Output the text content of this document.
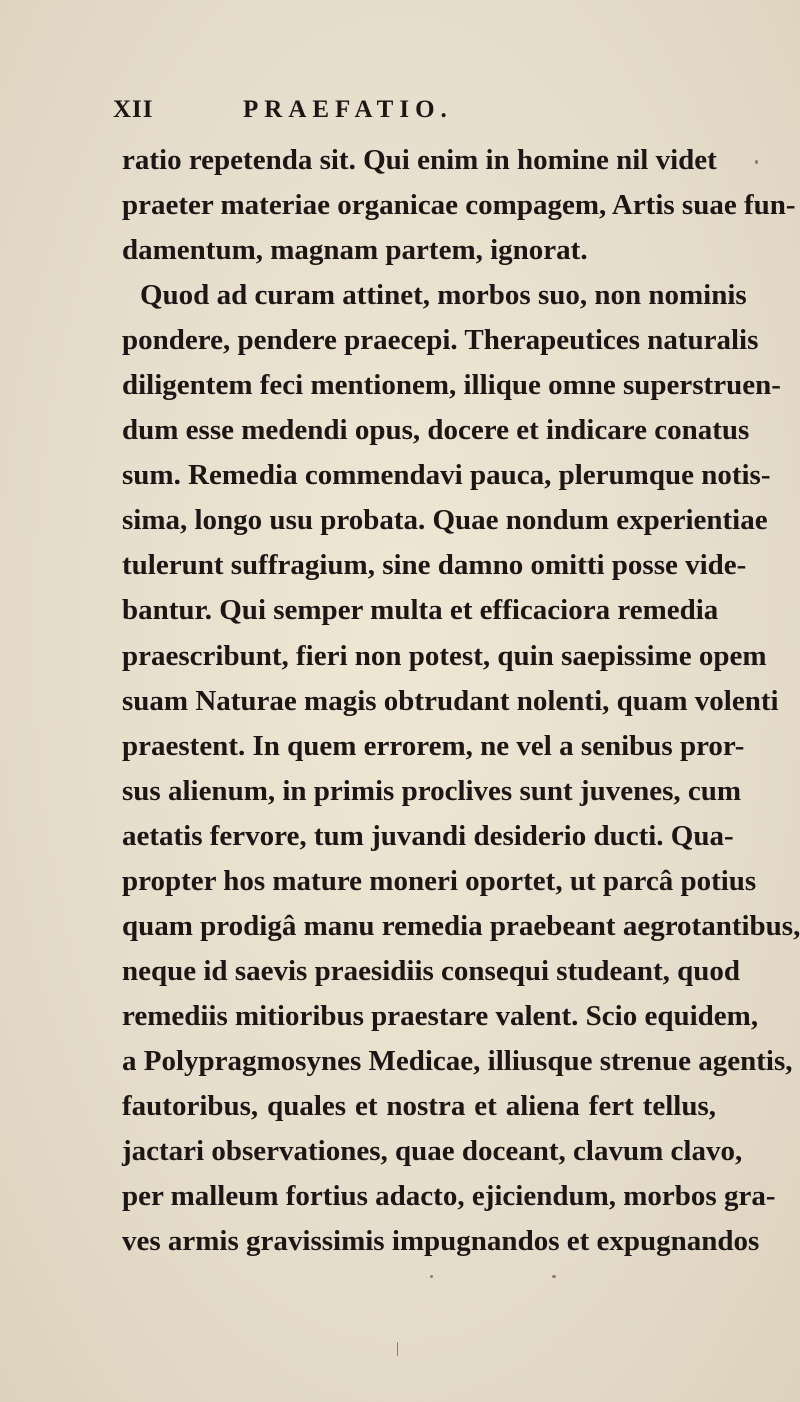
XII	PRAEFATIO.
ratio repetenda sit. Qui enim in homine nil videt
praeter materiae organicae compagem, Artis suae fun-
damentum, magnam partem, ignorat.
Quod ad curam attinet, morbos suo, non nominis
pondere, pendere praecepi. Therapeutices naturalis
diligentem feci mentionem, illique omne superstruen-
dum esse medendi opus, docere et indicare conatus
sum. Remedia commendavi pauca, plerumque notis-
sima, longo usu probata. Quae nondum experientiae
tulerunt suffragium, sine damno omitti posse vide-
bantur. Qui semper multa et efficaciora remedia
praescribunt, fieri non potest, quin saepissime opem
suam Naturae magis obtrudant nolenti, quam volenti
praestent. In quem errorem, ne vel a senibus pror-
sus alienum, in primis proclives sunt juvenes, cum
aetatis fervore, tum juvandi desiderio ducti. Qua-
propter hos mature moneri oportet, ut parcâ potius
quam prodigâ manu remedia praebeant aegrotantibus,
neque id saevis praesidiis consequi studeant, quod
remediis mitioribus praestare valent. Scio equidem,
a Polypragmosynes Medicae, illiusque strenue agentis,
fautoribus, quales et nostra et aliena fert tellus,
jactari observationes, quae doceant, clavum clavo,
per malleum fortius adacto, ejiciendum, morbos gra-
ves armis gravissimis impugnandos et expugnandos
